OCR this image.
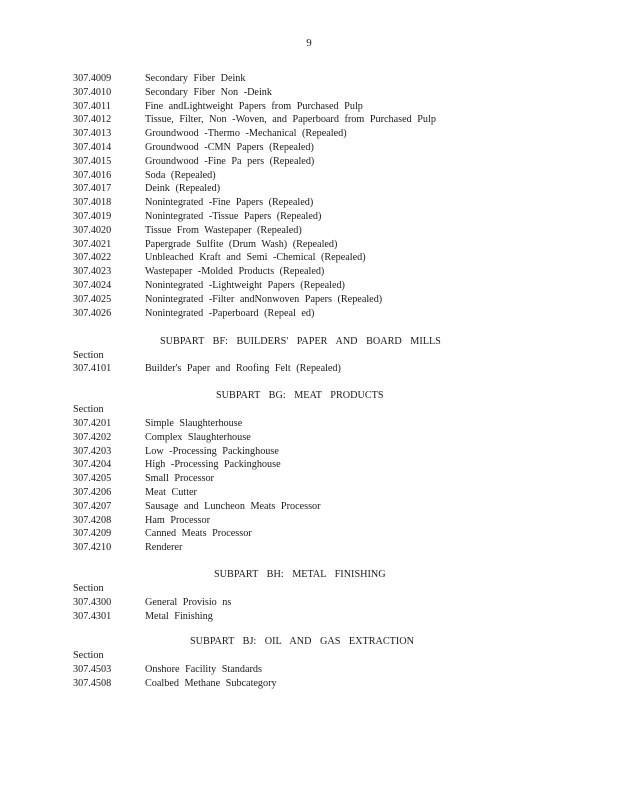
9
307.4009	Secondary Fiber Deink
307.4010	Secondary Fiber Non -Deink
307.4011	Fine andLightweight Papers from Purchased Pulp
307.4012	Tissue, Filter, Non -Woven, and Paperboard from Purchased Pulp
307.4013	Groundwood -Thermo -Mechanical (Repealed)
307.4014	Groundwood -CMN Papers (Repealed)
307.4015	Groundwood -Fine Pa pers (Repealed)
307.4016	Soda (Repealed)
307.4017	Deink (Repealed)
307.4018	Nonintegrated -Fine Papers (Repealed)
307.4019	Nonintegrated -Tissue Papers (Repealed)
307.4020	Tissue From Wastepaper (Repealed)
307.4021	Papergrade Sulfite (Drum Wash) (Repealed)
307.4022	Unbleached Kraft and Semi -Chemical (Repealed)
307.4023	Wastepaper -Molded Products (Repealed)
307.4024	Nonintegrated -Lightweight Papers (Repealed)
307.4025	Nonintegrated -Filter andNonwoven Papers (Repealed)
307.4026	Nonintegrated -Paperboard (Repeal ed)
SUBPART BF: BUILDERS' PAPER AND BOARD MILLS
Section
307.4101	Builder's Paper and Roofing Felt (Repealed)
SUBPART BG: MEAT PRODUCTS
Section
307.4201	Simple Slaughterhouse
307.4202	Complex Slaughterhouse
307.4203	Low -Processing Packinghouse
307.4204	High -Processing Packinghouse
307.4205	Small Processor
307.4206	Meat Cutter
307.4207	Sausage and Luncheon Meats Processor
307.4208	Ham Processor
307.4209	Canned Meats Processor
307.4210	Renderer
SUBPART BH: METAL FINISHING
Section
307.4300	General Provisio ns
307.4301	Metal Finishing
SUBPART BJ: OIL AND GAS EXTRACTION
Section
307.4503	Onshore Facility Standards
307.4508	Coalbed Methane Subcategory
